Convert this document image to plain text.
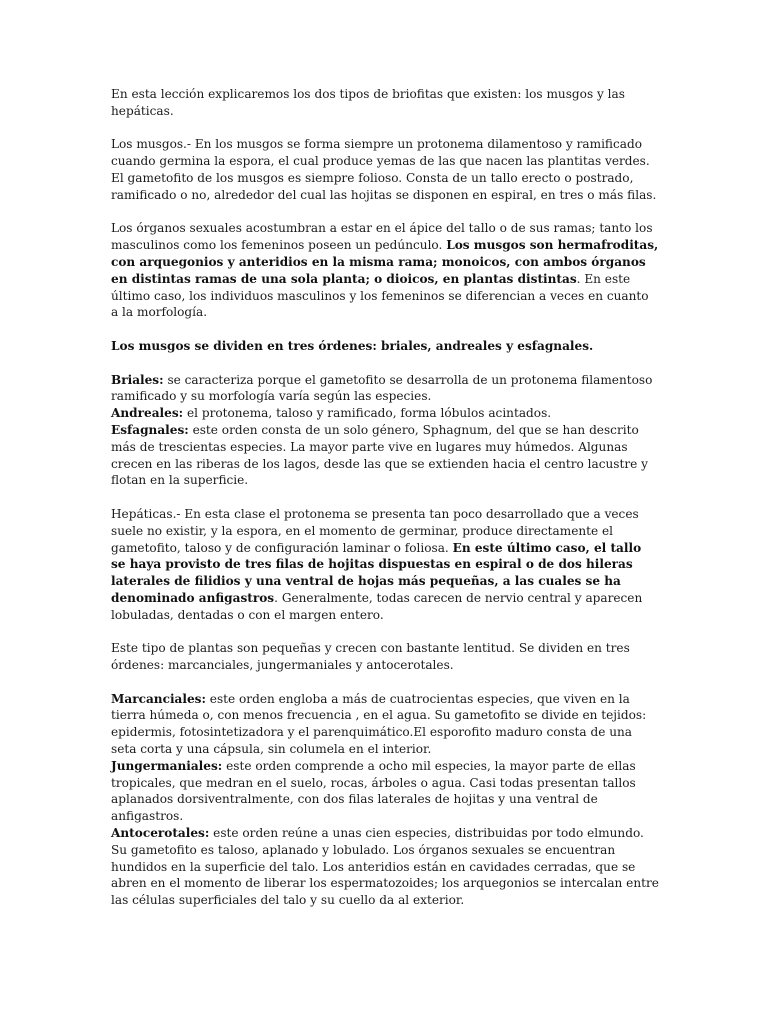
En esta lección explicaremos los dos tipos de briofitas que existen: los musgos y las hepáticas.

Los musgos.- En los musgos se forma siempre un protonema dilamentoso y ramificado cuando germina la espora, el cual produce yemas de las que nacen las plantitas verdes. El gametofito de los musgos es siempre folioso. Consta de un tallo erecto o postrado, ramificado o no, alrededor del cual las hojitas se disponen en espiral, en tres o más filas.

Los órganos sexuales acostumbran a estar en el ápice del tallo o de sus ramas; tanto los masculinos como los femeninos poseen un pedúnculo. Los musgos son hermafroditas, con arquegonios y anteridios en la misma rama; monoicos, con ambos órganos en distintas ramas de una sola planta; o dioicos, en plantas distintas. En este último caso, los individuos masculinos y los femeninos se diferencian a veces en cuanto a la morfología.

Los musgos se dividen en tres órdenes: briales, andreales y esfagnales.

Briales: se caracteriza porque el gametofito se desarrolla de un protonema filamentoso ramificado y su morfología varía según las especies.
Andreales: el protonema, taloso y ramificado, forma lóbulos acintados.
Esfagnales: este orden consta de un solo género, Sphagnum, del que se han descrito más de trescientas especies. La mayor parte vive en lugares muy húmedos. Algunas crecen en las riberas de los lagos, desde las que se extienden hacia el centro lacustre y flotan en la superficie.

Hepáticas.- En esta clase el protonema se presenta tan poco desarrollado que a veces suele no existir, y la espora, en el momento de germinar, produce directamente el gametofito, taloso y de configuración laminar o foliosa. En este último caso, el tallo se haya provisto de tres filas de hojitas dispuestas en espiral o de dos hileras laterales de filidios y una ventral de hojas más pequeñas, a las cuales se ha denominado anfigastros. Generalmente, todas carecen de nervio central y aparecen lobuladas, dentadas o con el margen entero.

Este tipo de plantas son pequeñas y crecen con bastante lentitud. Se dividen en tres órdenes: marcanciales, jungermaniales y antocerotales.

Marcanciales: este orden engloba a más de cuatrocientas especies, que viven en la tierra húmeda o, con menos frecuencia , en el agua. Su gametofito se divide en tejidos: epidermis, fotosintetizadora y el parenquimático.El esporofito maduro consta de una seta corta y una cápsula, sin columela en el interior.
Jungermaniales: este orden comprende a ocho mil especies, la mayor parte de ellas tropicales, que medran en el suelo, rocas, árboles o agua. Casi todas presentan tallos aplanados dorsiventralmente, con dos filas laterales de hojitas y una ventral de anfigastros.
Antocerotales: este orden reúne a unas cien especies, distribuidas por todo elmundo. Su gametofito es taloso, aplanado y lobulado. Los órganos sexuales se encuentran hundidos en la superficie del talo. Los anteridios están en cavidades cerradas, que se abren en el momento de liberar los espermatozoides; los arquegonios se intercalan entre las células superficiales del talo y su cuello da al exterior.
